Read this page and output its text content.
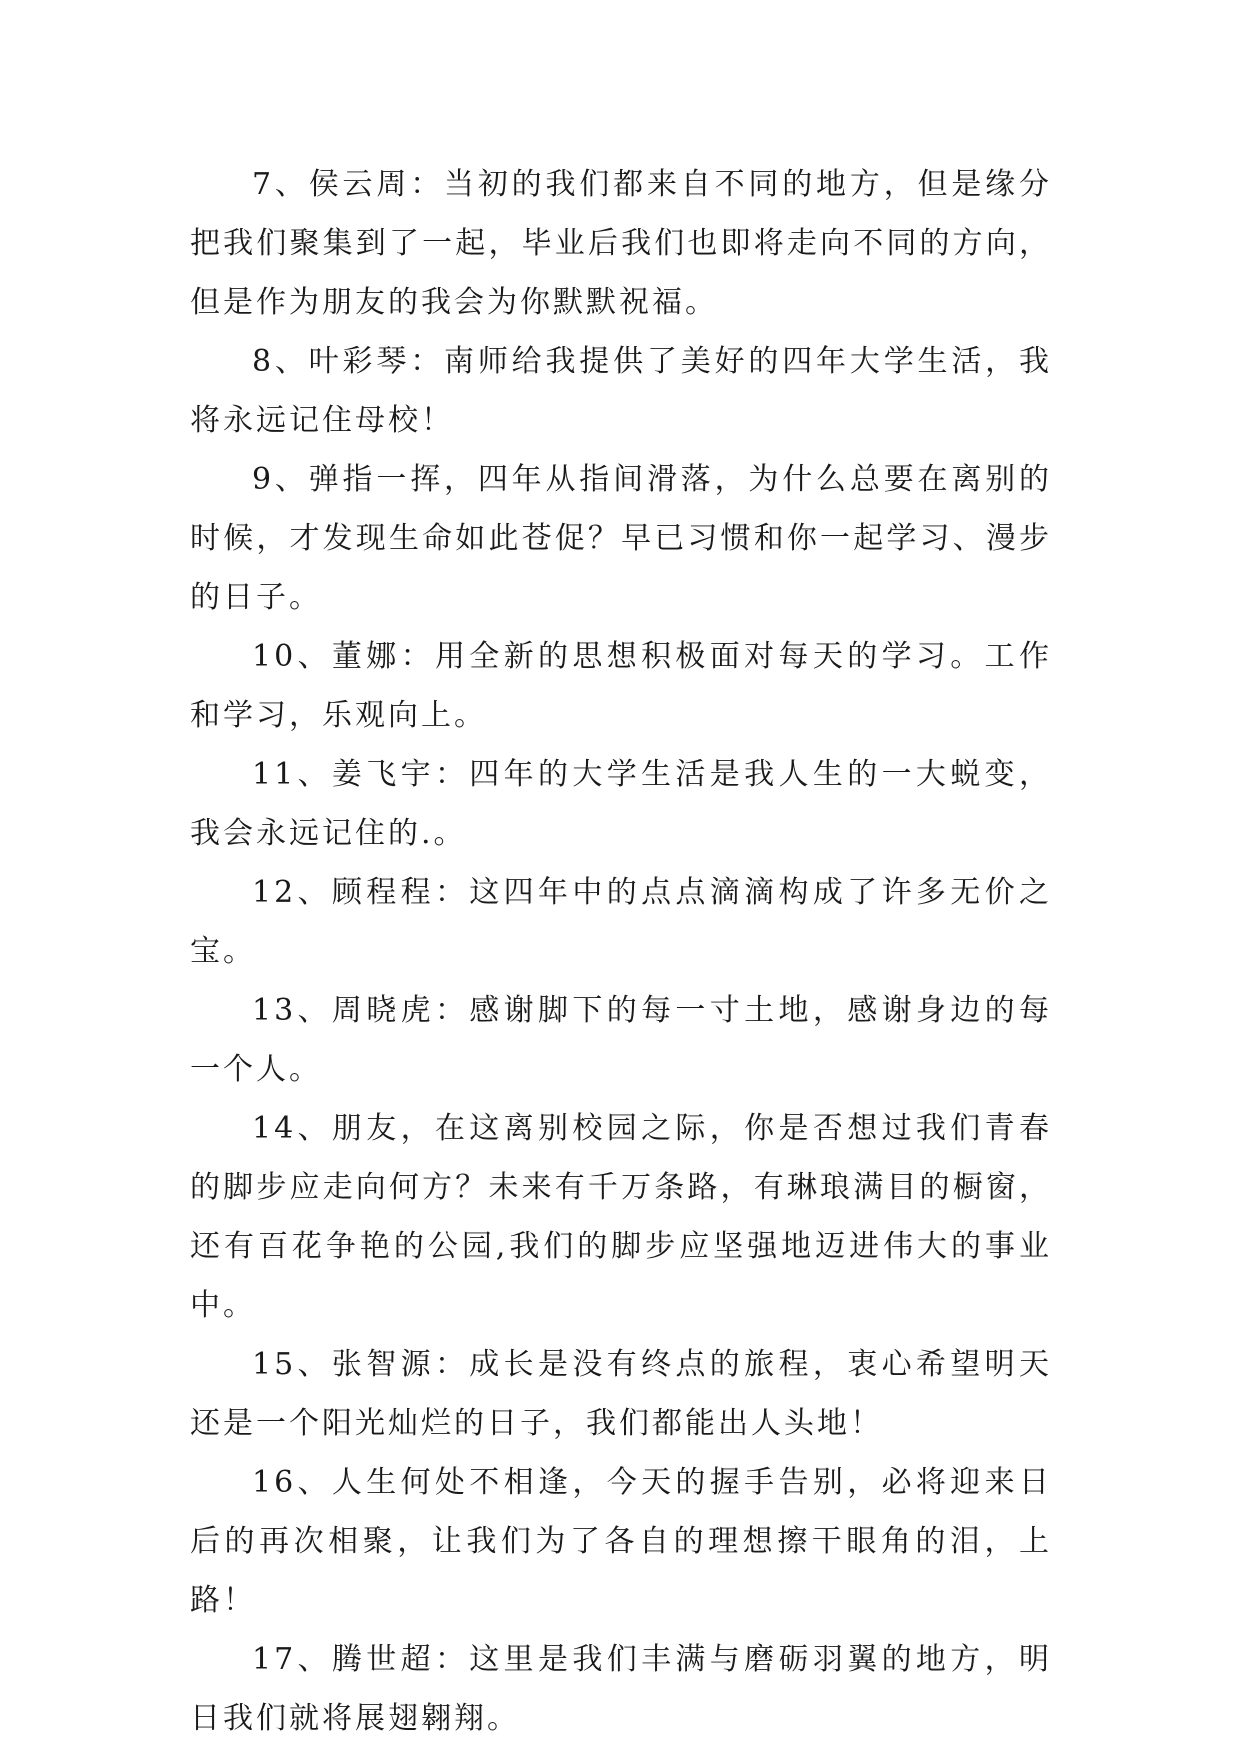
7、侯云周：当初的我们都来自不同的地方，但是缘分把我们聚集到了一起，毕业后我们也即将走向不同的方向，但是作为朋友的我会为你默默祝福。

8、叶彩琴：南师给我提供了美好的四年大学生活，我将永远记住母校！

9、弹指一挥，四年从指间滑落，为什么总要在离别的时候，才发现生命如此苍促？早已习惯和你一起学习、漫步的日子。

10、董娜：用全新的思想积极面对每天的学习。工作和学习，乐观向上。

11、姜飞宇：四年的大学生活是我人生的一大蜕变，我会永远记住的.。

12、顾程程：这四年中的点点滴滴构成了许多无价之宝。

13、周晓虎：感谢脚下的每一寸土地，感谢身边的每一个人。

14、朋友，在这离别校园之际，你是否想过我们青春的脚步应走向何方？未来有千万条路，有琳琅满目的橱窗，还有百花争艳的公园,我们的脚步应坚强地迈进伟大的事业中。

15、张智源：成长是没有终点的旅程，衷心希望明天还是一个阳光灿烂的日子，我们都能出人头地！

16、人生何处不相逢，今天的握手告别，必将迎来日后的再次相聚，让我们为了各自的理想擦干眼角的泪，上路！

17、腾世超：这里是我们丰满与磨砺羽翼的地方，明日我们就将展翅翱翔。
